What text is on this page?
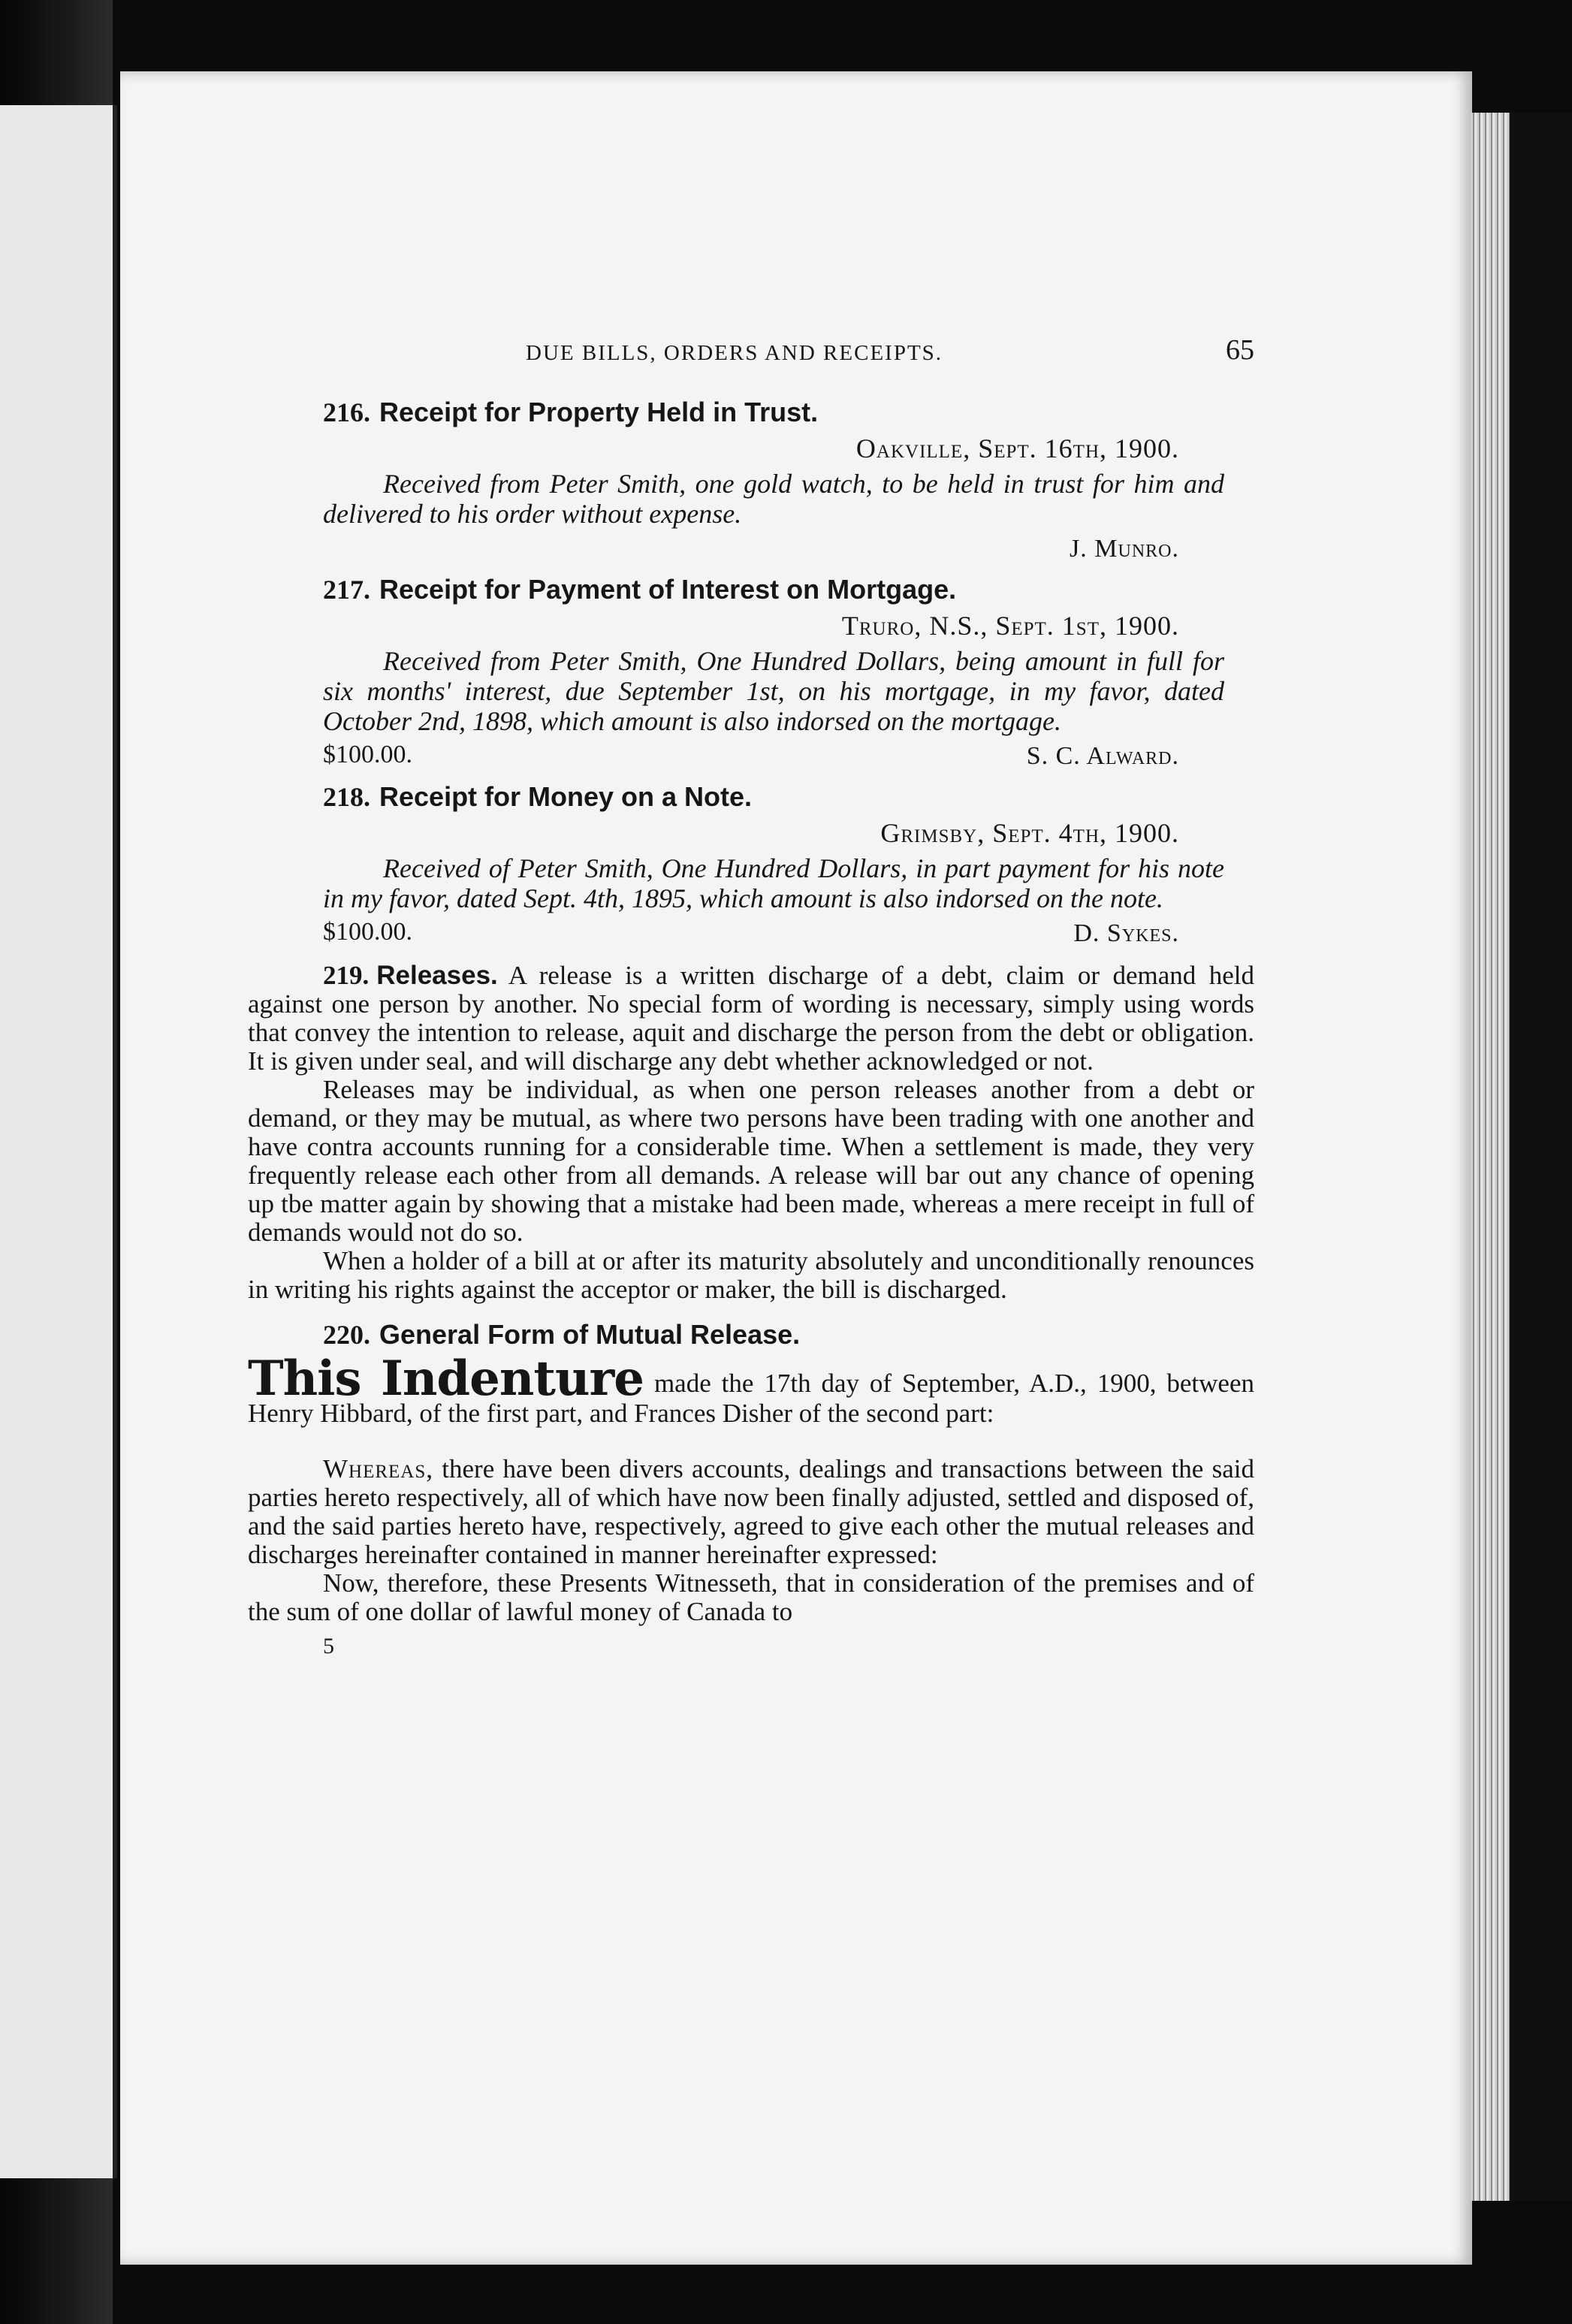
DUE BILLS, ORDERS AND RECEIPTS.	65
216. Receipt for Property Held in Trust.
Oakville, Sept. 16th, 1900.

Received from Peter Smith, one gold watch, to be held in trust for him and delivered to his order without expense.

J. Munro.
217. Receipt for Payment of Interest on Mortgage.
Truro, N.S., Sept. 1st, 1900.

Received from Peter Smith, One Hundred Dollars, being amount in full for six months' interest, due September 1st, on his mortgage, in my favor, dated October 2nd, 1898, which amount is also indorsed on the mortgage.

$100.00.	S. C. Alward.
218. Receipt for Money on a Note.
Grimsby, Sept. 4th, 1900.

Received of Peter Smith, One Hundred Dollars, in part payment for his note in my favor, dated Sept. 4th, 1895, which amount is also indorsed on the note.

$100.00.	D. Sykes.

219. Releases. A release is a written discharge of a debt, claim or demand held against one person by another. No special form of wording is necessary, simply using words that convey the intention to release, aquit and discharge the person from the debt or obligation. It is given under seal, and will discharge any debt whether acknowledged or not.

Releases may be individual, as when one person releases another from a debt or demand, or they may be mutual, as where two persons have been trading with one another and have contra accounts running for a considerable time. When a settlement is made, they very frequently release each other from all demands. A release will bar out any chance of opening up tbe matter again by showing that a mistake had been made, whereas a mere receipt in full of demands would not do so.

When a holder of a bill at or after its maturity absolutely and unconditionally renounces in writing his rights against the acceptor or maker, the bill is discharged.

220. General Form of Mutual Release.

This Indenture made the 17th day of September, A.D., 1900, between Henry Hibbard, of the first part, and Frances Disher of the second part:

Whereas, there have been divers accounts, dealings and transactions between the said parties hereto respectively, all of which have now been finally adjusted, settled and disposed of, and the said parties hereto have, respectively, agreed to give each other the mutual releases and discharges hereinafter contained in manner hereinafter expressed:

Now, therefore, these Presents Witnesseth, that in consideration of the premises and of the sum of one dollar of lawful money of Canada to

5
